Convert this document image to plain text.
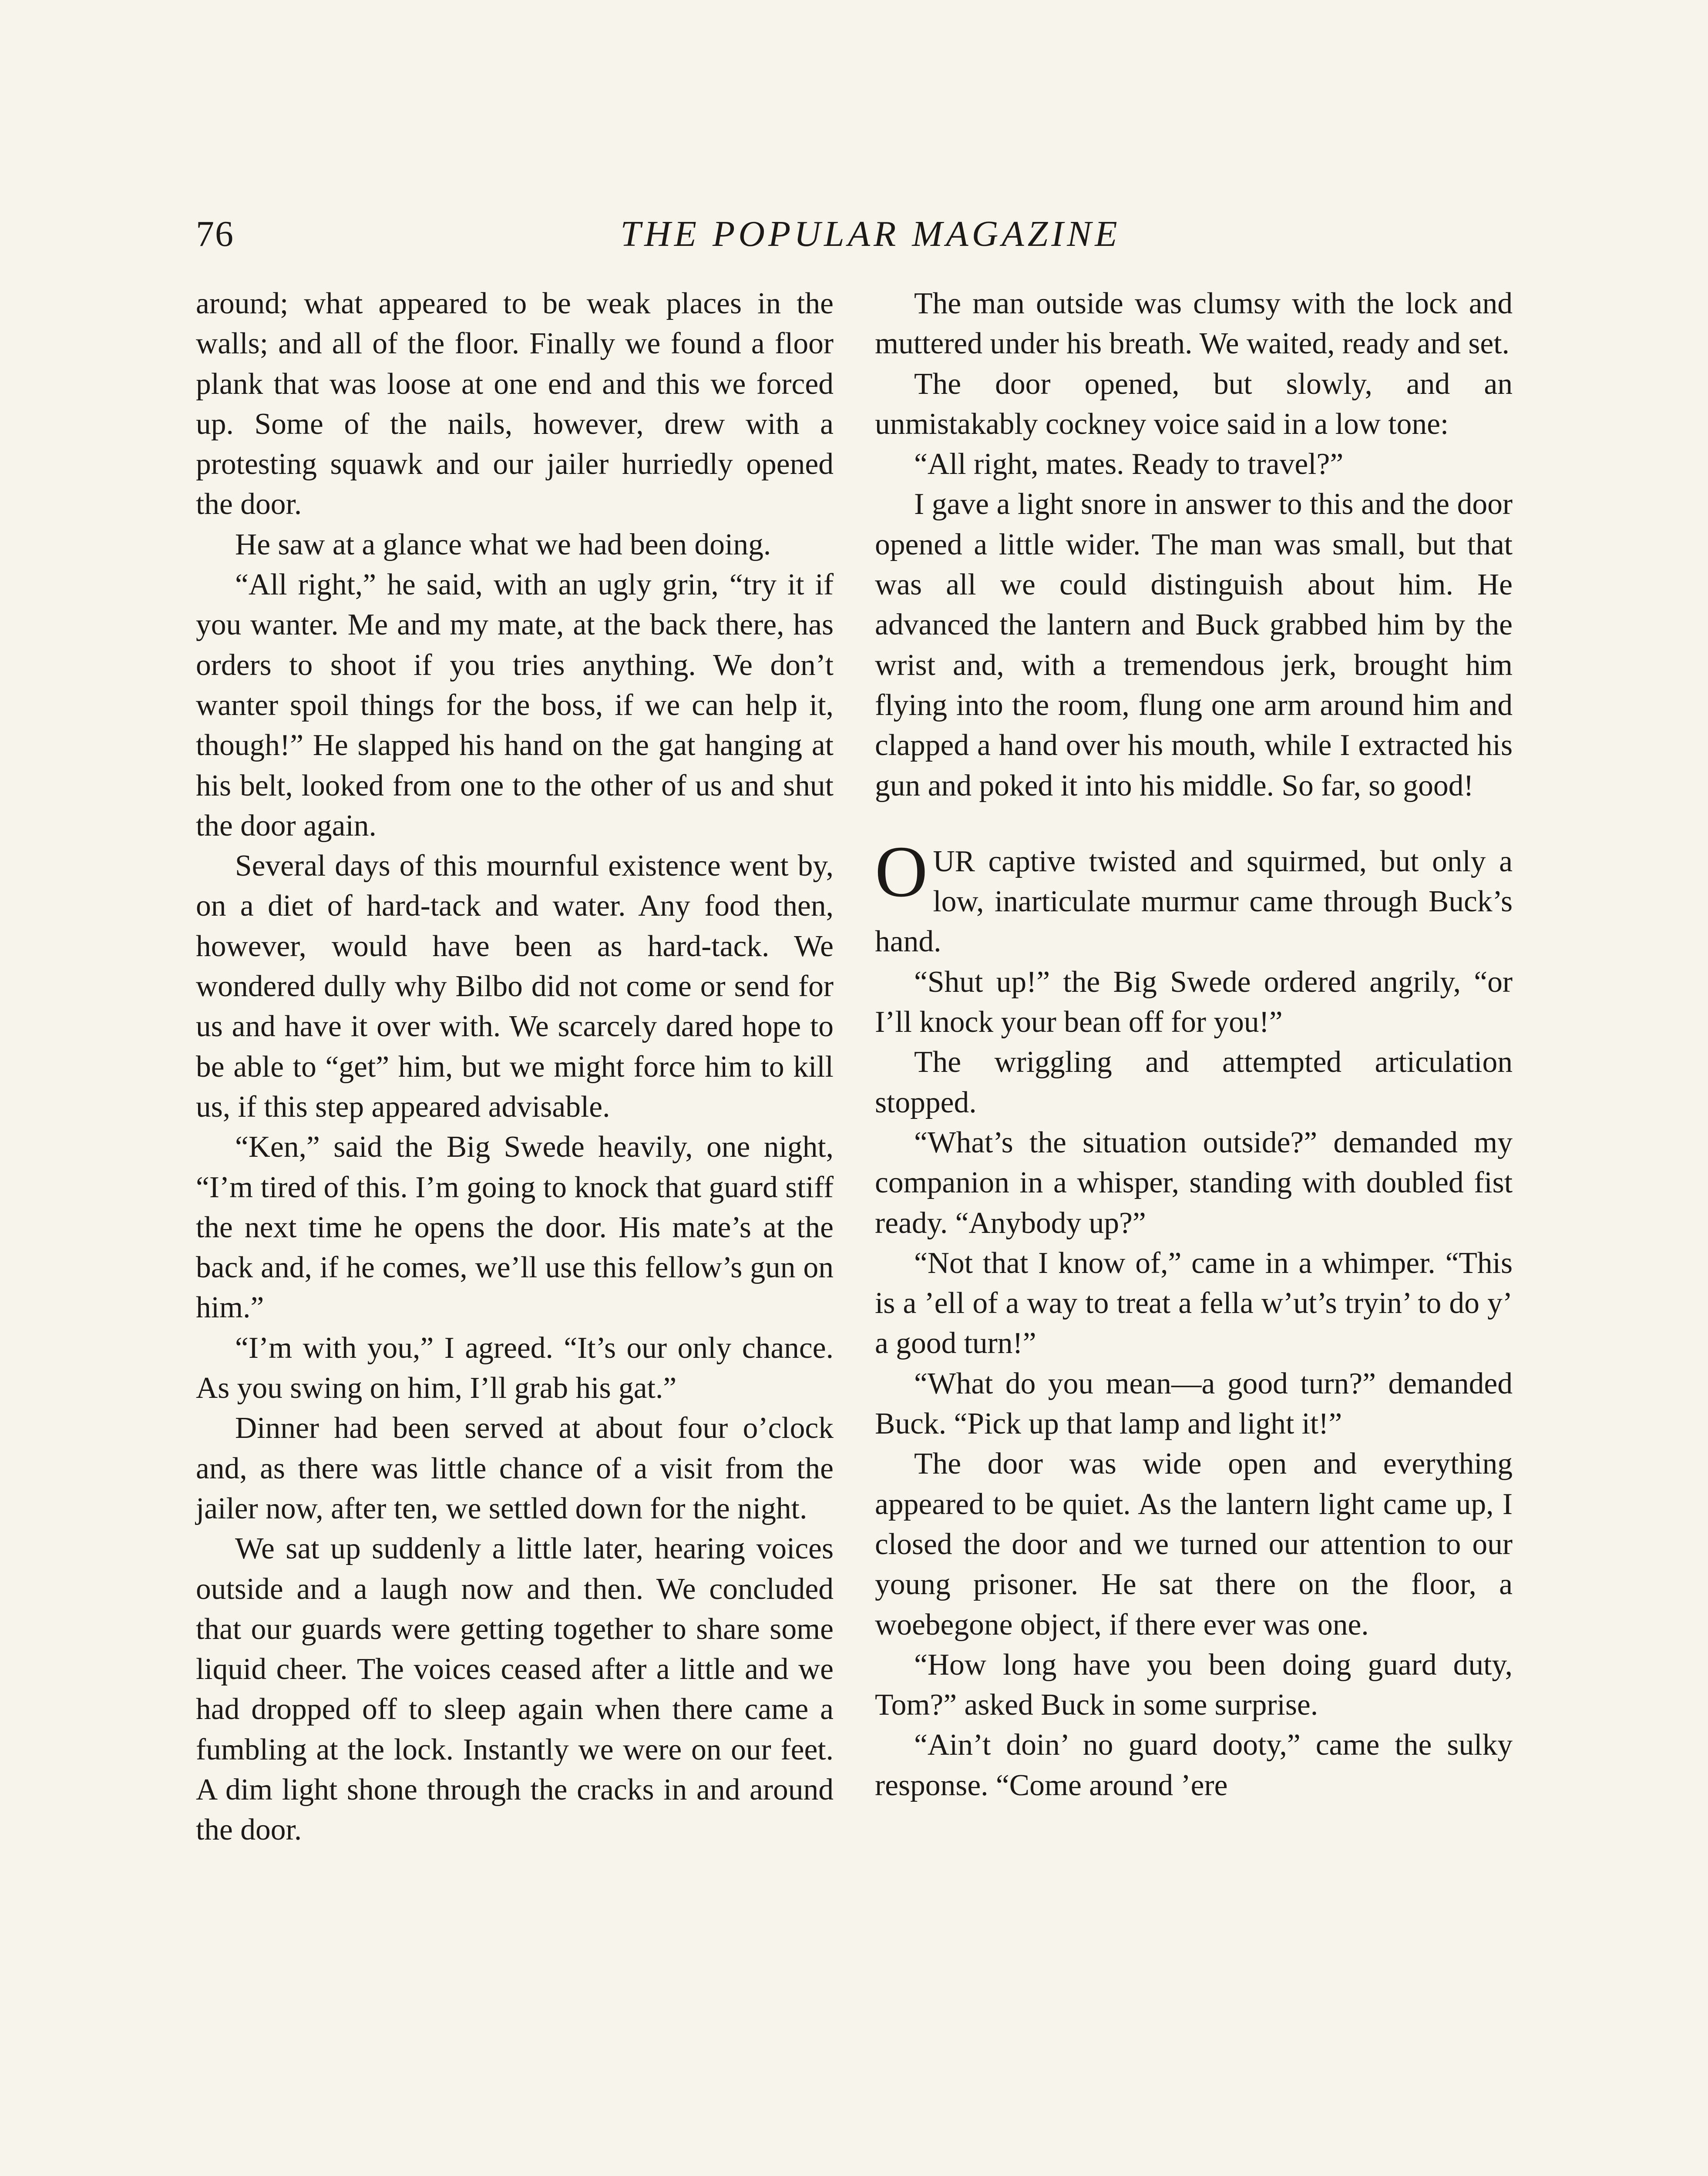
76	THE POPULAR MAGAZINE

around; what appeared to be weak places in the walls; and all of the floor. Finally we found a floor plank that was loose at one end and this we forced up. Some of the nails, however, drew with a protesting squawk and our jailer hurriedly opened the door.

He saw at a glance what we had been doing.

“All right,” he said, with an ugly grin, “try it if you wanter. Me and my mate, at the back there, has orders to shoot if you tries anything. We don’t wanter spoil things for the boss, if we can help it, though!” He slapped his hand on the gat hanging at his belt, looked from one to the other of us and shut the door again.

Several days of this mournful existence went by, on a diet of hard-tack and water. Any food then, however, would have been as hard-tack. We wondered dully why Bilbo did not come or send for us and have it over with. We scarcely dared hope to be able to “get” him, but we might force him to kill us, if this step appeared advisable.

“Ken,” said the Big Swede heavily, one night, “I’m tired of this. I’m going to knock that guard stiff the next time he opens the door. His mate’s at the back and, if he comes, we’ll use this fellow’s gun on him.”

“I’m with you,” I agreed. “It’s our only chance. As you swing on him, I’ll grab his gat.”

Dinner had been served at about four o’clock and, as there was little chance of a visit from the jailer now, after ten, we settled down for the night.

We sat up suddenly a little later, hearing voices outside and a laugh now and then. We concluded that our guards were getting together to share some liquid cheer. The voices ceased after a little and we had dropped off to sleep again when there came a fumbling at the lock. Instantly we were on our feet. A dim light shone through the cracks in and around the door.

The man outside was clumsy with the lock and muttered under his breath. We waited, ready and set.

The door opened, but slowly, and an unmistakably cockney voice said in a low tone:

“All right, mates. Ready to travel?”

I gave a light snore in answer to this and the door opened a little wider. The man was small, but that was all we could distinguish about him. He advanced the lantern and Buck grabbed him by the wrist and, with a tremendous jerk, brought him flying into the room, flung one arm around him and clapped a hand over his mouth, while I extracted his gun and poked it into his middle. So far, so good!

OUR captive twisted and squirmed, but only a low, inarticulate murmur came through Buck’s hand.

“Shut up!” the Big Swede ordered angrily, “or I’ll knock your bean off for you!”

The wriggling and attempted articulation stopped.

“What’s the situation outside?” demanded my companion in a whisper, standing with doubled fist ready. “Anybody up?”

“Not that I know of,” came in a whimper. “This is a ’ell of a way to treat a fella w’ut’s tryin’ to do y’ a good turn!”

“What do you mean—a good turn?” demanded Buck. “Pick up that lamp and light it!”

The door was wide open and everything appeared to be quiet. As the lantern light came up, I closed the door and we turned our attention to our young prisoner. He sat there on the floor, a woebegone object, if there ever was one.

“How long have you been doing guard duty, Tom?” asked Buck in some surprise.

“Ain’t doin’ no guard dooty,” came the sulky response. “Come around ’ere
